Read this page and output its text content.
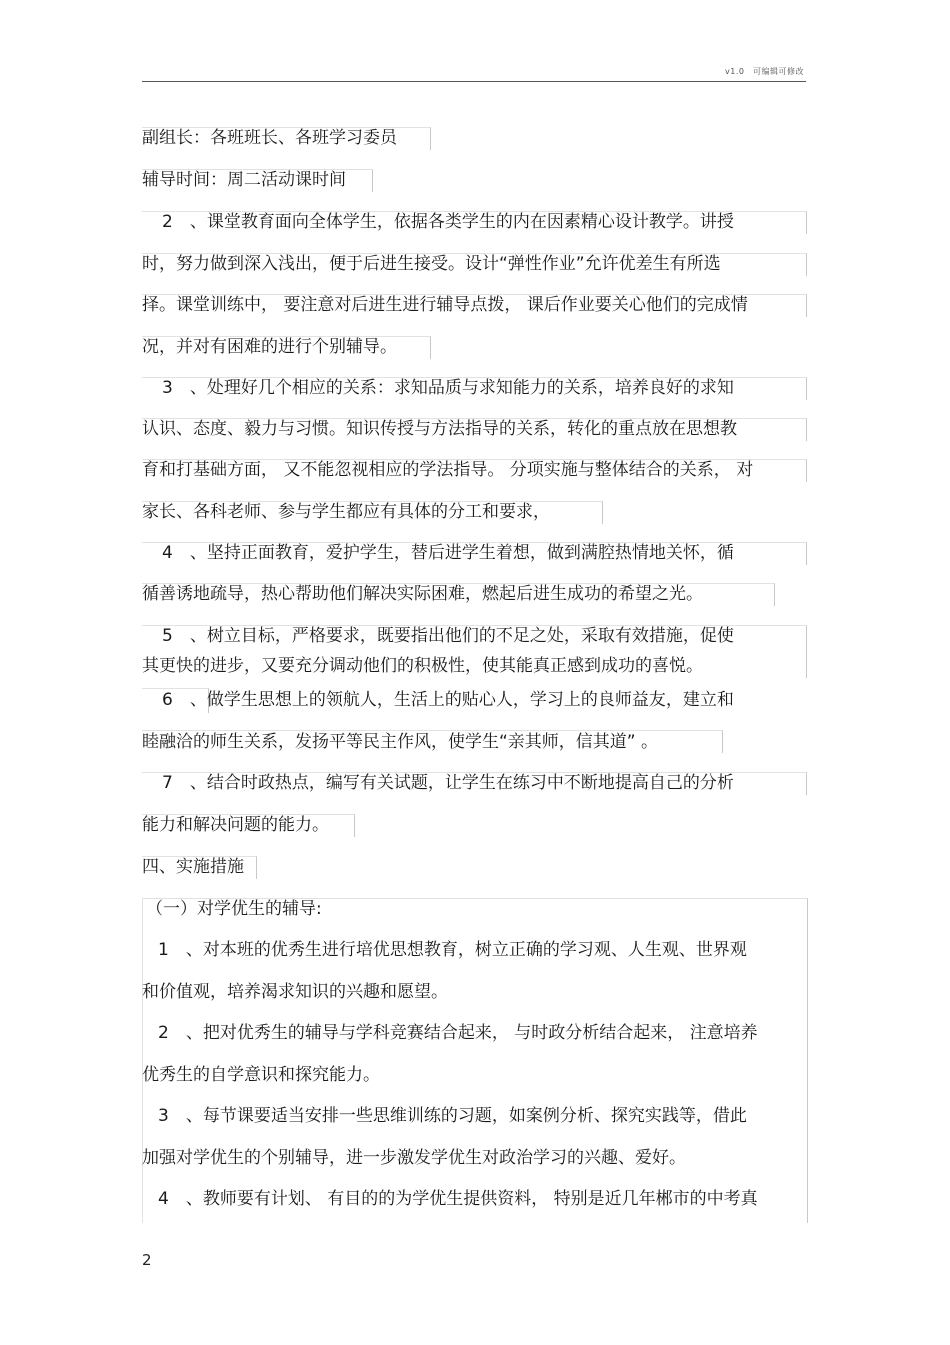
v1.0　可编辑可修改
副组长：各班班长、各班学习委员
辅导时间：周二活动课时间
2　、课堂教育面向全体学生，依据各类学生的内在因素精心设计教学。讲授
时，努力做到深入浅出，便于后进生接受。设计“弹性作业”允许优差生有所选
择。课堂训练中， 要注意对后进生进行辅导点拨， 课后作业要关心他们的完成情
况，并对有困难的进行个别辅导。
3　、处理好几个相应的关系：求知品质与求知能力的关系，培养良好的求知
认识、态度、毅力与习惯。知识传授与方法指导的关系，转化的重点放在思想教
育和打基础方面， 又不能忽视相应的学法指导。 分项实施与整体结合的关系， 对
家长、各科老师、参与学生都应有具体的分工和要求，
4　、坚持正面教育，爱护学生，替后进学生着想，做到满腔热情地关怀，循
循善诱地疏导，热心帮助他们解决实际困难，燃起后进生成功的希望之光。
5　、树立目标，严格要求，既要指出他们的不足之处，采取有效措施，促使
其更快的进步，又要充分调动他们的积极性，使其能真正感到成功的喜悦。
6　、做学生思想上的领航人，生活上的贴心人，学习上的良师益友，建立和
睦融洽的师生关系，发扬平等民主作风，使学生“亲其师，信其道” 。
7　、结合时政热点，编写有关试题，让学生在练习中不断地提高自己的分析
能力和解决问题的能力。
四、实施措施
（一）对学优生的辅导:
1　、对本班的优秀生进行培优思想教育，树立正确的学习观、人生观、世界观
和价值观，培养渴求知识的兴趣和愿望。
2　、把对优秀生的辅导与学科竞赛结合起来， 与时政分析结合起来， 注意培养
优秀生的自学意识和探究能力。
3　、每节课要适当安排一些思维训练的习题，如案例分析、探究实践等，借此
加强对学优生的个别辅导，进一步激发学优生对政治学习的兴趣、爱好。
4　、教师要有计划、 有目的的为学优生提供资料， 特别是近几年郴市的中考真
2
